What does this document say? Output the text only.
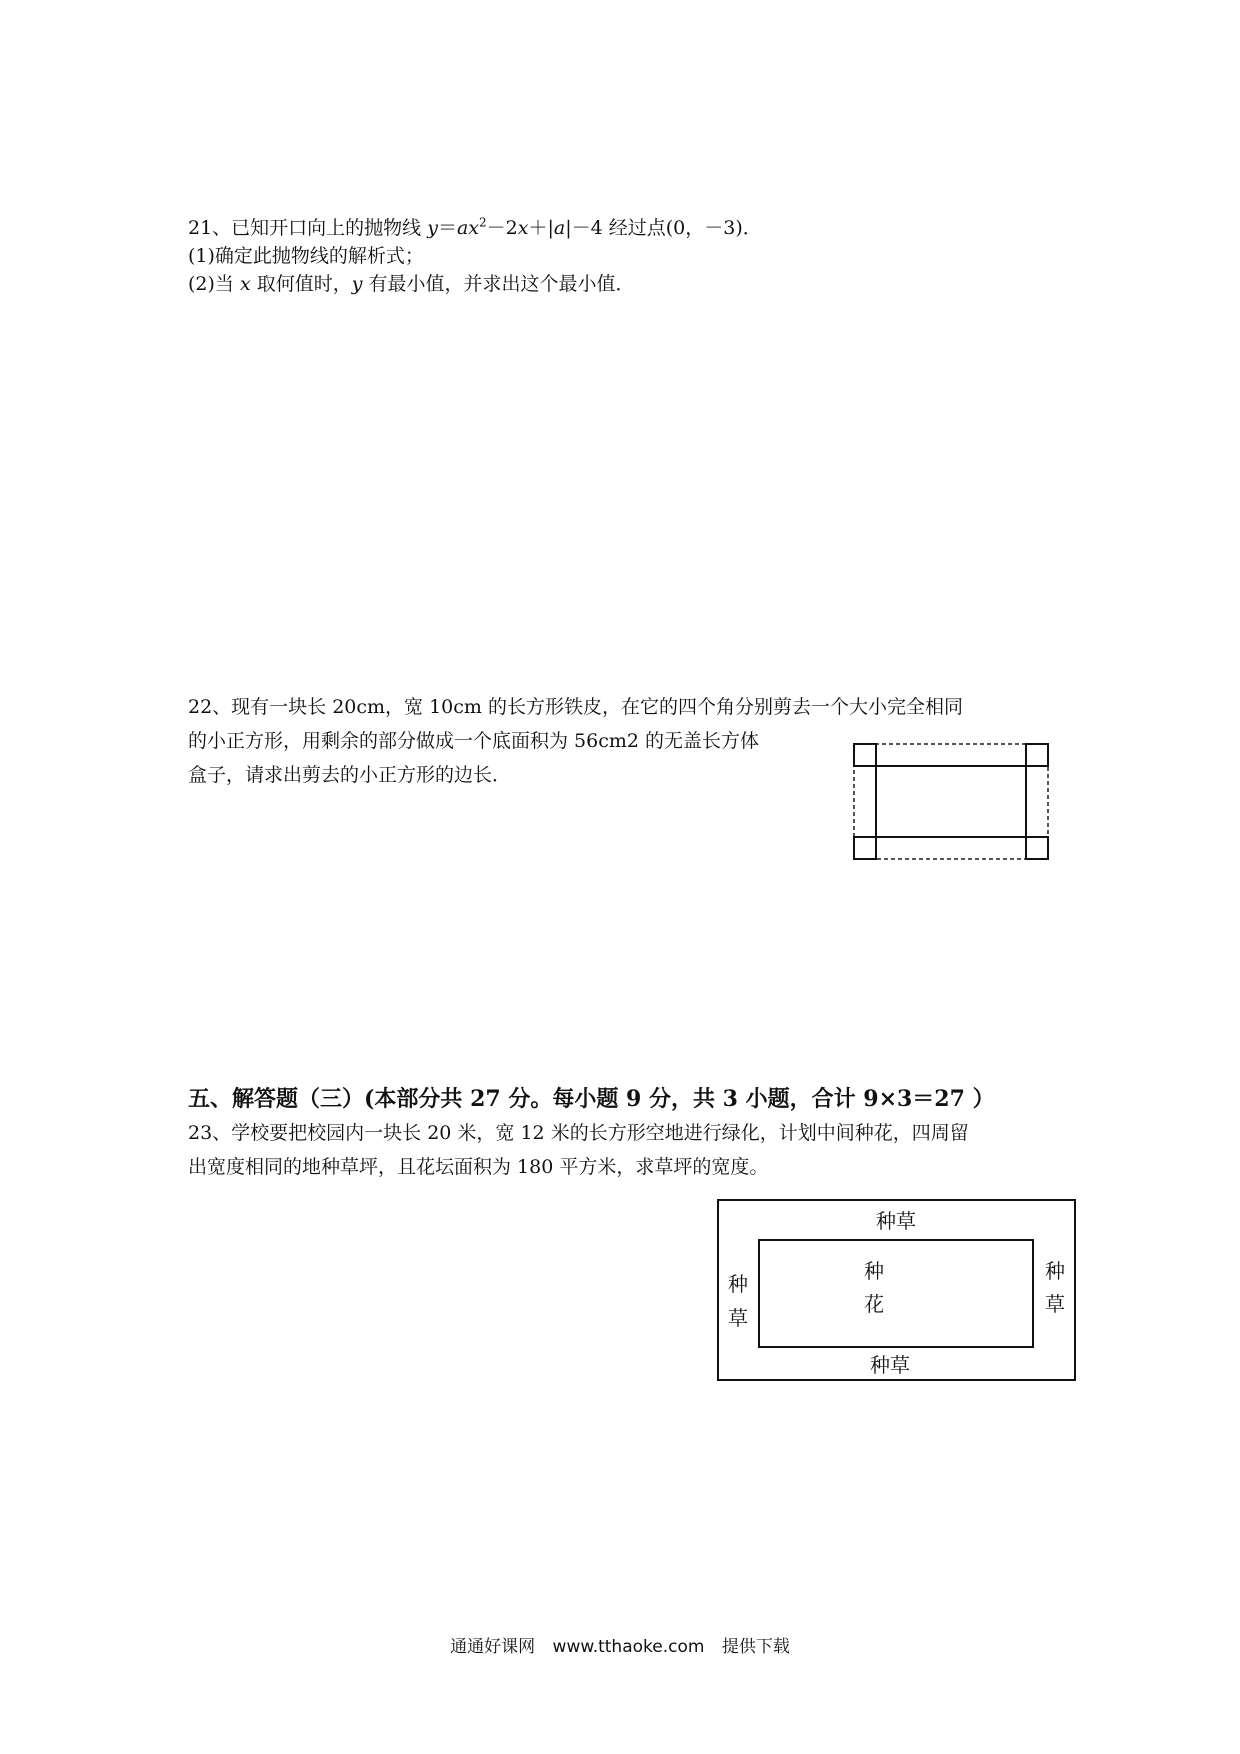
21、已知开口向上的抛物线 $y=ax^2-2x+|a|-4$ 经过点(0，－3)．
(1)确定此抛物线的解析式；
(2)当 x 取何值时，y 有最小值，并求出这个最小值．
22、现有一块长 20cm，宽 10cm 的长方形铁皮，在它的四个角分别剪去一个大小完全相同
的小正方形，用剩余的部分做成一个底面积为 56cm2 的无盖长方体
盒子，请求出剪去的小正方形的边长．
五、解答题（三）(本部分共 27 分。每小题 9 分，共 3 小题，合计 9×3＝27 ）
23、学校要把校园内一块长 20 米，宽 12 米的长方形空地进行绿化，计划中间种花，四周留
出宽度相同的地种草坪，且花坛面积为 180 平方米，求草坪的宽度。
种草
种草
种
草
种
草
种
花
通通好课网 www.tthaoke.com 提供下载
